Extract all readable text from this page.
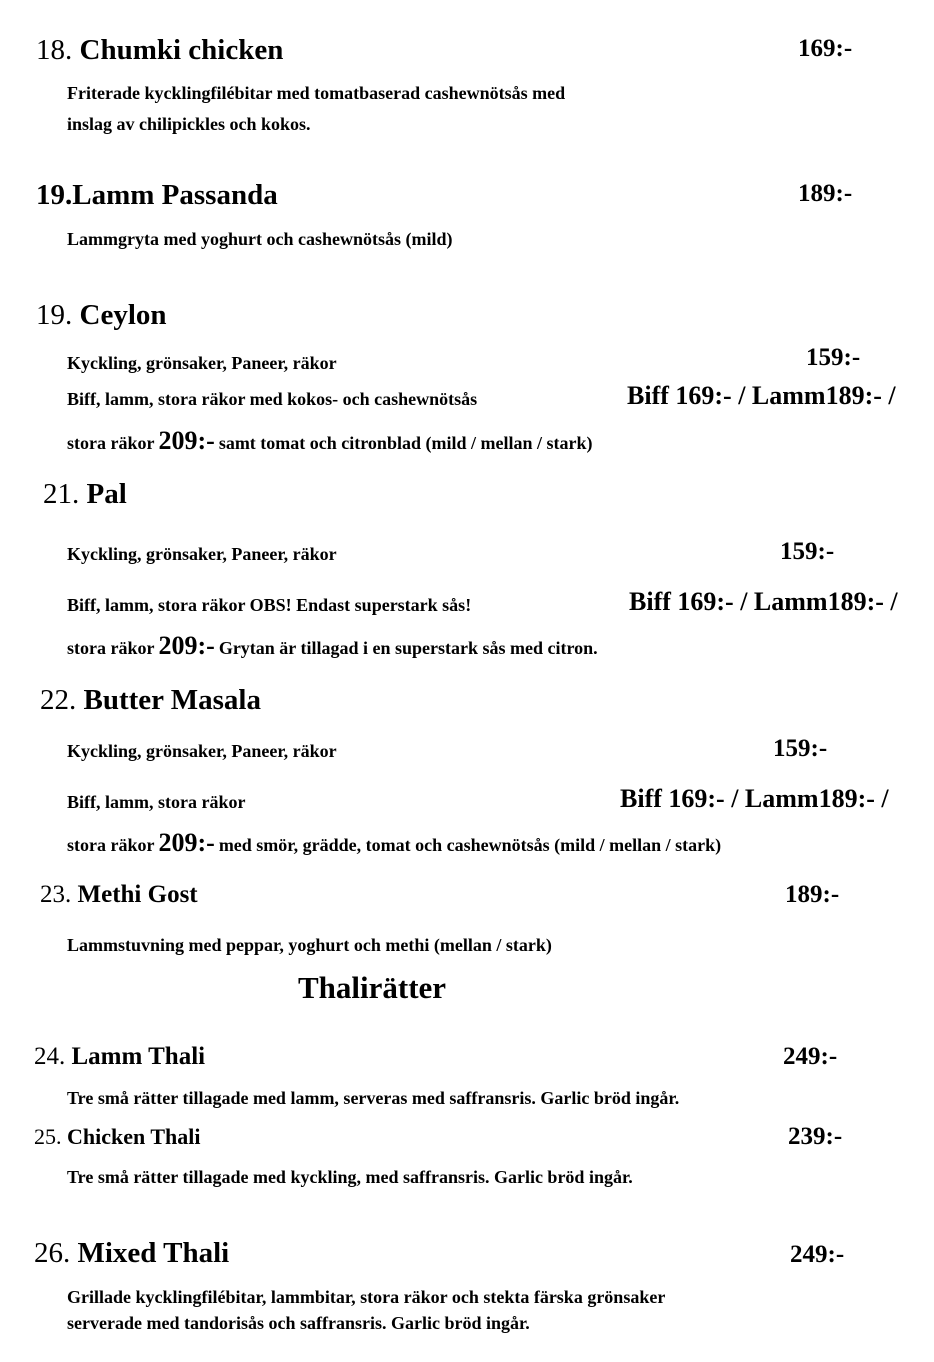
18. Chumki chicken	169:-
Friterade kycklingfilébitar med tomatbaserad cashewnötsås med
inslag av chilipickles och kokos.
19.Lamm Passanda	189:-
Lammgryta med yoghurt och cashewnötsås (mild)
19. Ceylon
Kyckling, grönsaker, Paneer, räkor	159:-
Biff, lamm, stora räkor med kokos- och cashewnötsås	Biff 169:- / Lamm189:- /
stora räkor 209:- samt tomat och citronblad (mild / mellan / stark)
21. Pal
Kyckling, grönsaker, Paneer, räkor	159:-
Biff, lamm, stora räkor OBS! Endast superstark sås!	Biff 169:- / Lamm189:- /
stora räkor 209:- Grytan är tillagad i en superstark sås med citron.
22. Butter Masala
Kyckling, grönsaker, Paneer, räkor	159:-
Biff, lamm, stora räkor	Biff 169:- / Lamm189:- /
stora räkor 209:- med smör, grädde, tomat och cashewnötsås (mild / mellan / stark)
23. Methi Gost	189:-
Lammstuvning med peppar, yoghurt och methi (mellan / stark)
Thalirätter
24. Lamm Thali	249:-
Tre små rätter tillagade med lamm, serveras med saffransris. Garlic bröd ingår.
25. Chicken Thali	239:-
Tre små rätter tillagade med kyckling, med saffransris. Garlic bröd ingår.
26. Mixed Thali	249:-
Grillade kycklingfilébitar, lammbitar, stora räkor och stekta färska grönsaker
serverade med tandorisås och saffransris. Garlic bröd ingår.
